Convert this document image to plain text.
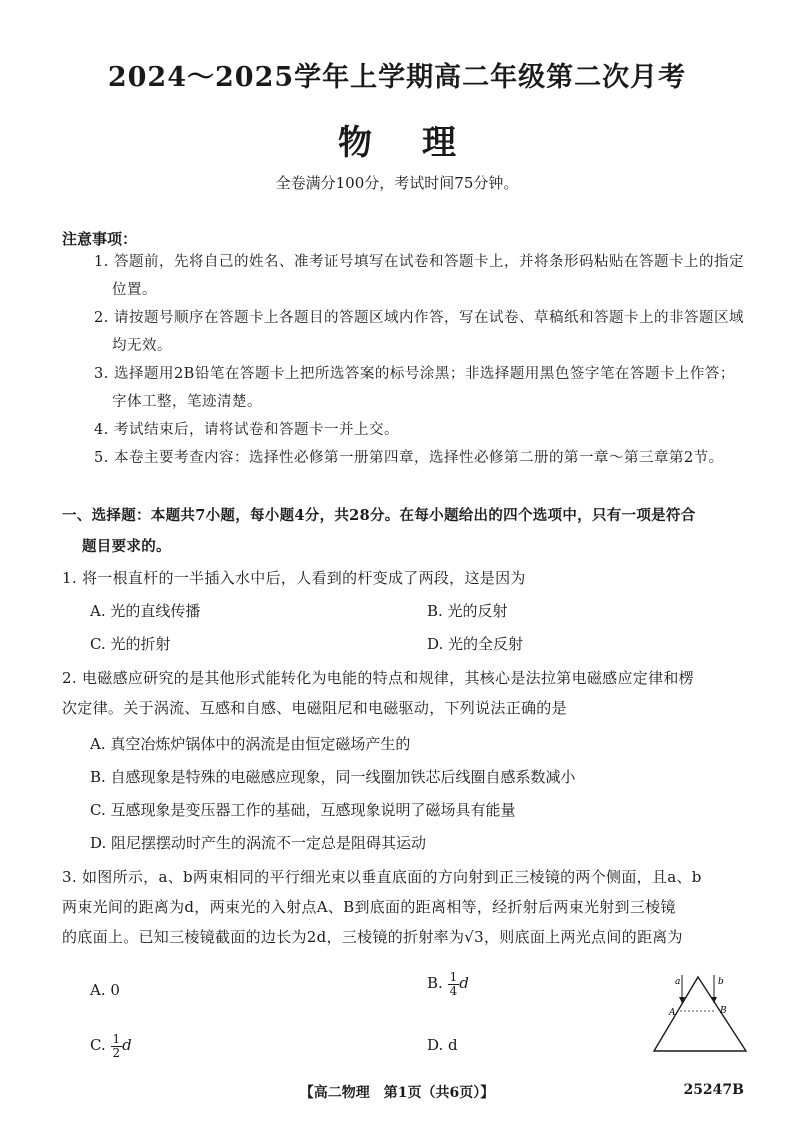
2024～2025学年上学期高二年级第二次月考
物理
全卷满分100分，考试时间75分钟。
注意事项：
1. 答题前，先将自己的姓名、准考证号填写在试卷和答题卡上，并将条形码粘贴在答题卡上的指定位置。
2. 请按题号顺序在答题卡上各题目的答题区域内作答，写在试卷、草稿纸和答题卡上的非答题区域均无效。
3. 选择题用2B铅笔在答题卡上把所选答案的标号涂黑；非选择题用黑色签字笔在答题卡上作答；字体工整，笔迹清楚。
4. 考试结束后，请将试卷和答题卡一并上交。
5. 本卷主要考查内容：选择性必修第一册第四章，选择性必修第二册的第一章～第三章第2节。
一、选择题：本题共7小题，每小题4分，共28分。在每小题给出的四个选项中，只有一项是符合
题目要求的。
1. 将一根直杆的一半插入水中后，人看到的杆变成了两段，这是因为
A. 光的直线传播	B. 光的反射
C. 光的折射	D. 光的全反射
2. 电磁感应研究的是其他形式能转化为电能的特点和规律，其核心是法拉第电磁感应定律和楞
次定律。关于涡流、互感和自感、电磁阻尼和电磁驱动，下列说法正确的是
A. 真空冶炼炉锅体中的涡流是由恒定磁场产生的
B. 自感现象是特殊的电磁感应现象，同一线圈加铁芯后线圈自感系数减小
C. 互感现象是变压器工作的基础，互感现象说明了磁场具有能量
D. 阻尼摆摆动时产生的涡流不一定总是阻碍其运动
3. 如图所示，a、b两束相同的平行细光束以垂直底面的方向射到正三棱镜的两个侧面，且a、b
两束光间的距离为d，两束光的入射点A、B到底面的距离相等，经折射后两束光射到三棱镜
的底面上。已知三棱镜截面的边长为2d，三棱镜的折射率为√3，则底面上两光点间的距离为
A. 0	B. $\frac{1}{4}$ d
C. $\frac{1}{2}$ d	D. d
a	b
A	B
【高二物理　第1页（共6页）】	25247B
